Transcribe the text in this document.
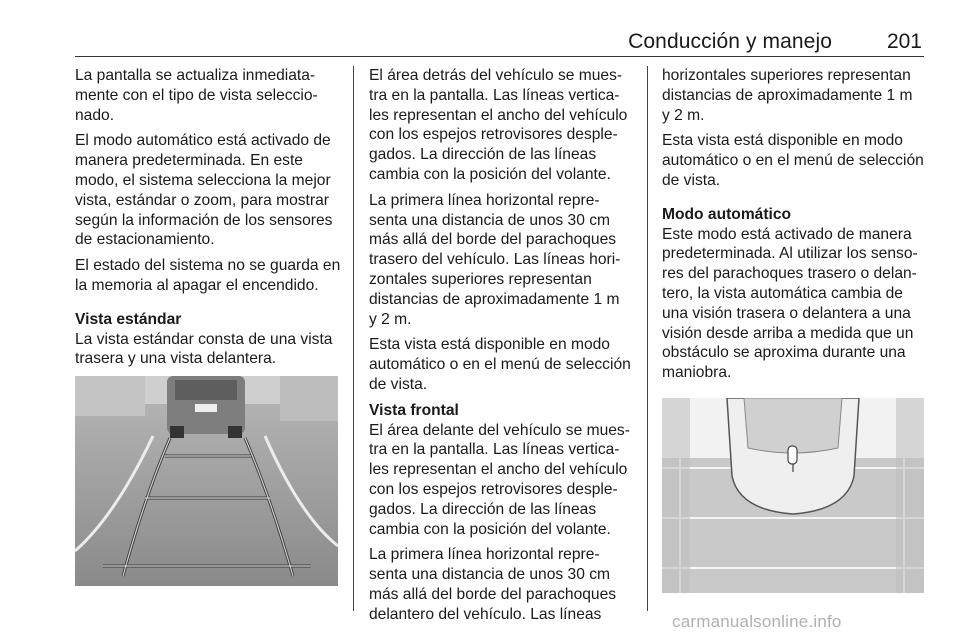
Conducción y manejo	201

La pantalla se actualiza inmediata-
mente con el tipo de vista seleccio-
nado.

El modo automático está activado de
manera predeterminada. En este
modo, el sistema selecciona la mejor
vista, estándar o zoom, para mostrar
según la información de los sensores
de estacionamiento.

El estado del sistema no se guarda en
la memoria al apagar el encendido.

Vista estándar
La vista estándar consta de una vista
trasera y una vista delantera.

El área detrás del vehículo se mues-
tra en la pantalla. Las líneas vertica-
les representan el ancho del vehículo
con los espejos retrovisores desple-
gados. La dirección de las líneas
cambia con la posición del volante.

La primera línea horizontal repre-
senta una distancia de unos 30 cm
más allá del borde del parachoques
trasero del vehículo. Las líneas hori-
zontales superiores representan
distancias de aproximadamente 1 m
y 2 m.

Esta vista está disponible en modo
automático o en el menú de selección
de vista.

Vista frontal
El área delante del vehículo se mues-
tra en la pantalla. Las líneas vertica-
les representan el ancho del vehículo
con los espejos retrovisores desple-
gados. La dirección de las líneas
cambia con la posición del volante.

La primera línea horizontal repre-
senta una distancia de unos 30 cm
más allá del borde del parachoques
delantero del vehículo. Las líneas

horizontales superiores representan
distancias de aproximadamente 1 m
y 2 m.

Esta vista está disponible en modo
automático o en el menú de selección
de vista.

Modo automático
Este modo está activado de manera
predeterminada. Al utilizar los senso-
res del parachoques trasero o delan-
tero, la vista automática cambia de
una visión trasera o delantera a una
visión desde arriba a medida que un
obstáculo se aproxima durante una
maniobra.

carmanualsonline.info
